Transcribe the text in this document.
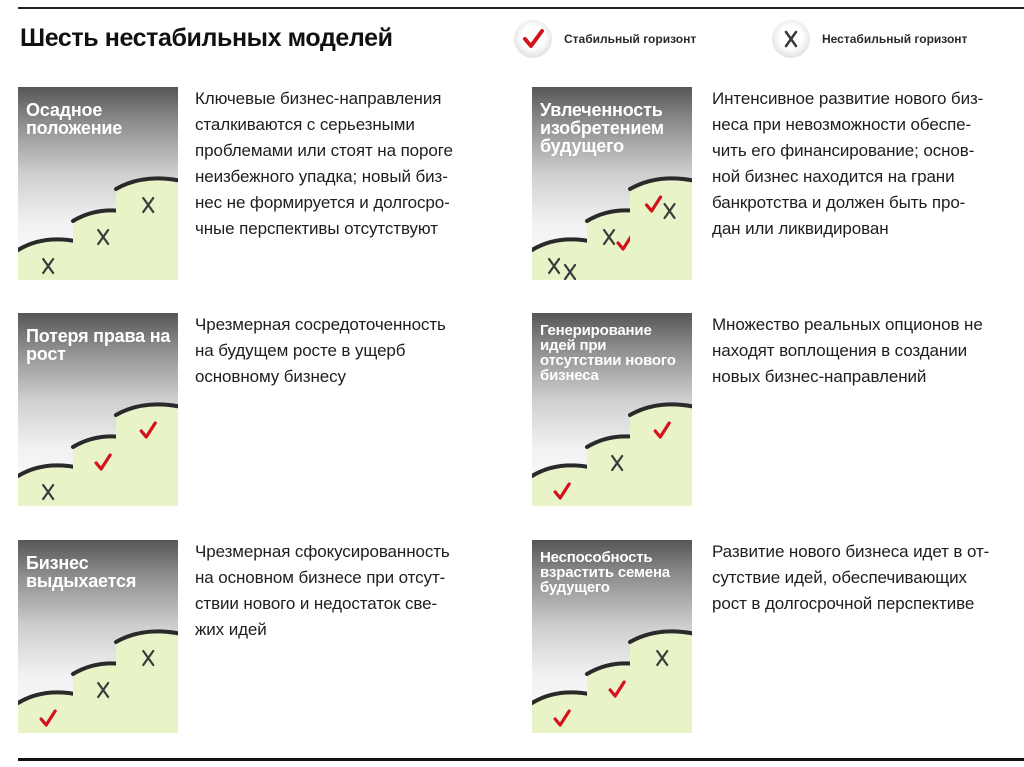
Шесть нестабильных моделей	Стабильный горизонт	Нестабильный горизонт
Осадное положение
Ключевые бизнес-направления
сталкиваются с серьезными
проблемами или стоят на пороге
неизбежного упадка; новый биз-
нес не формируется и долгосро-
чные перспективы отсутствуют
Увлеченность изобретением будущего
Интенсивное развитие нового биз-
неса при невозможности обеспе-
чить его финансирование; основ-
ной бизнес находится на грани
банкротства и должен быть про-
дан или ликвидирован
Потеря права на рост
Чрезмерная сосредоточенность
на будущем росте в ущерб
основному бизнесу
Генерирование идей при отсутствии нового бизнеса
Множество реальных опционов не
находят воплощения в создании
новых бизнес-направлений
Бизнес выдыхается
Чрезмерная сфокусированность
на основном бизнесе при отсут-
ствии нового и недостаток све-
жих идей
Неспособность взрастить семена будущего
Развитие нового бизнеса идет в от-
сутствие идей, обеспечивающих
рост в долгосрочной перспективе
